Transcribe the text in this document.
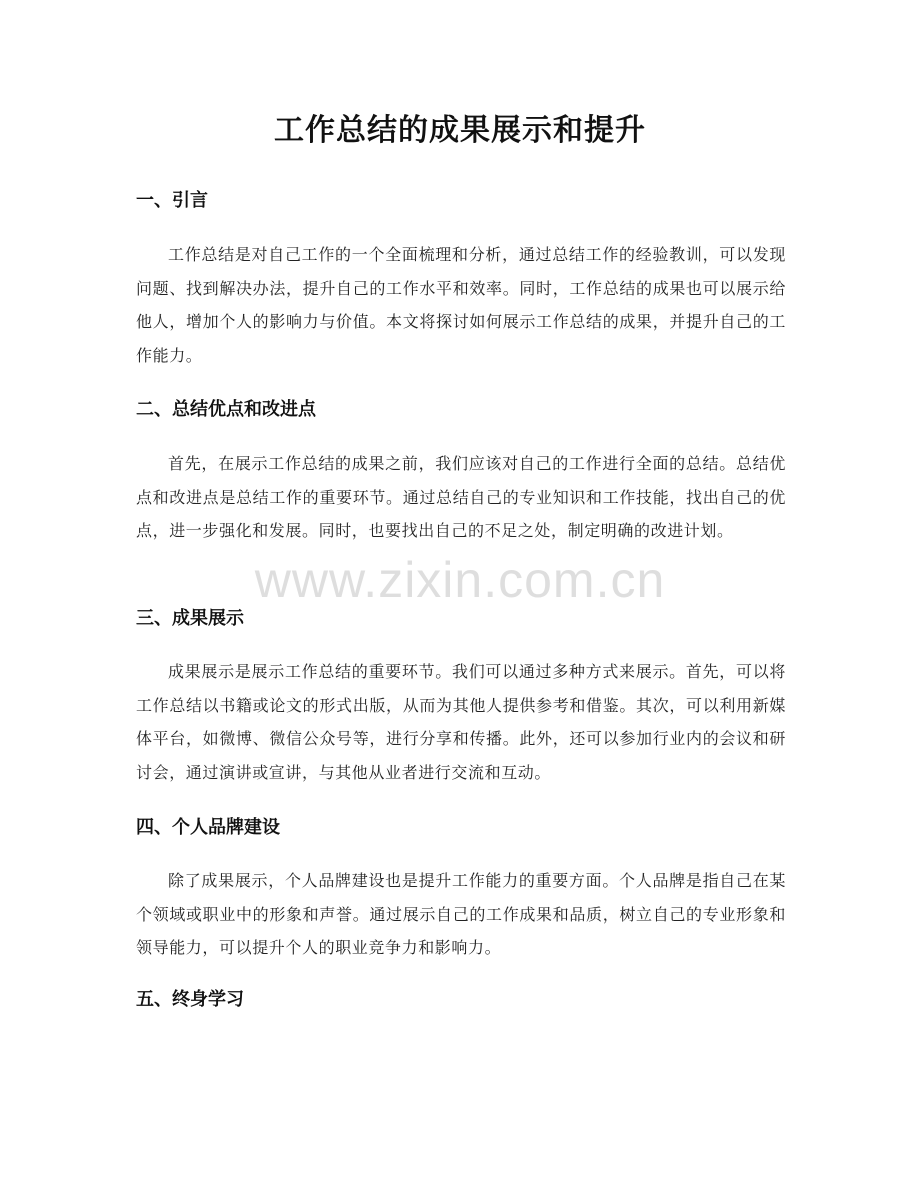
工作总结的成果展示和提升
一、引言

工作总结是对自己工作的一个全面梳理和分析，通过总结工作的经验教训，可以发现问题、找到解决办法，提升自己的工作水平和效率。同时，工作总结的成果也可以展示给他人，增加个人的影响力与价值。本文将探讨如何展示工作总结的成果，并提升自己的工作能力。

二、总结优点和改进点

首先，在展示工作总结的成果之前，我们应该对自己的工作进行全面的总结。总结优点和改进点是总结工作的重要环节。通过总结自己的专业知识和工作技能，找出自己的优点，进一步强化和发展。同时，也要找出自己的不足之处，制定明确的改进计划。

三、成果展示

成果展示是展示工作总结的重要环节。我们可以通过多种方式来展示。首先，可以将工作总结以书籍或论文的形式出版，从而为其他人提供参考和借鉴。其次，可以利用新媒体平台，如微博、微信公众号等，进行分享和传播。此外，还可以参加行业内的会议和研讨会，通过演讲或宣讲，与其他从业者进行交流和互动。

四、个人品牌建设

除了成果展示，个人品牌建设也是提升工作能力的重要方面。个人品牌是指自己在某个领域或职业中的形象和声誉。通过展示自己的工作成果和品质，树立自己的专业形象和领导能力，可以提升个人的职业竞争力和影响力。

五、终身学习
www.zixin.com.cn
